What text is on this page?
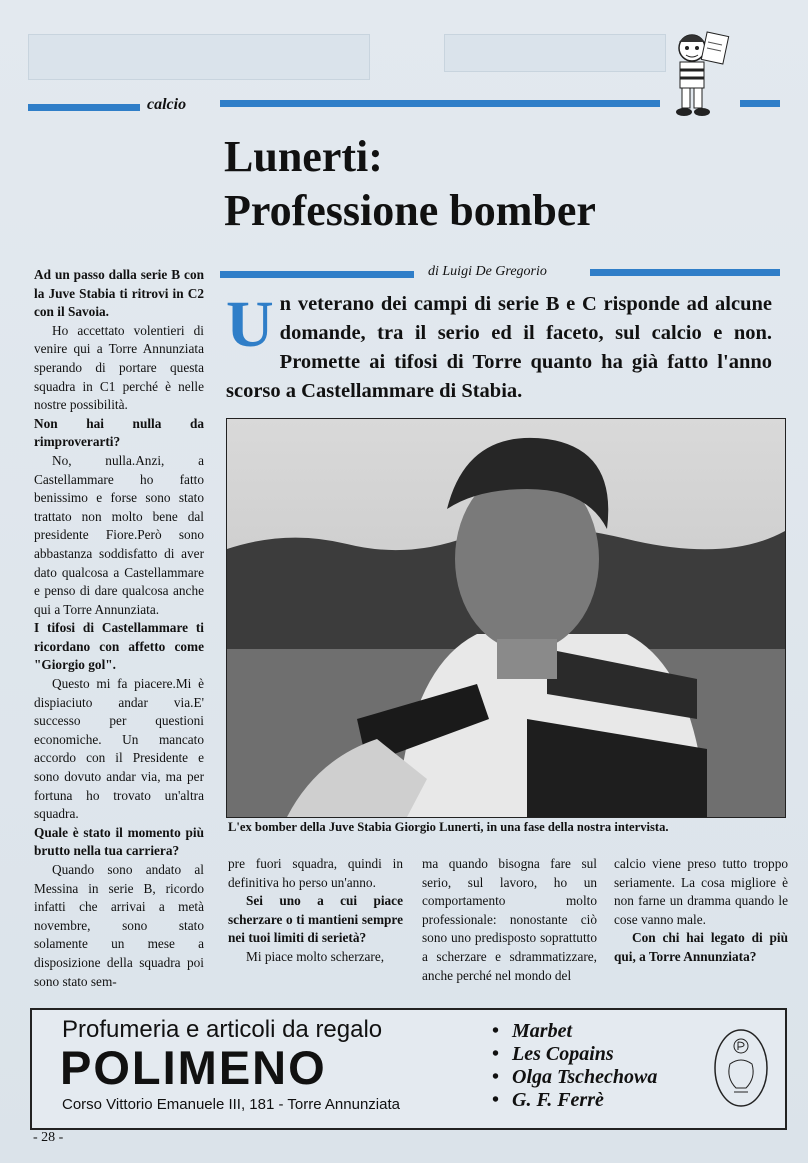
calcio
Lunerti:
Professione bomber
di Luigi De Gregorio
Un veterano dei campi di serie B e C risponde ad alcune domande, tra il serio ed il faceto, sul calcio e non. Promette ai tifosi di Torre quanto ha già fatto l'anno scorso a Castellammare di Stabia.
L'ex bomber della Juve Stabia Giorgio Lunerti, in una fase della nostra intervista.

Ad un passo dalla serie B con la Juve Stabia ti ritrovi in C2 con il Savoia.

Ho accettato volentieri di venire qui a Torre Annunziata sperando di portare questa squadra in C1 perché è nelle nostre possibilità.

Non hai nulla da rimproverarti?

No, nulla.Anzi, a Castellammare ho fatto benissimo e forse sono stato trattato non molto bene dal presidente Fiore.Però sono abbastanza soddisfatto di aver dato qualcosa a Castellammare e penso di dare qualcosa anche qui a Torre Annunziata.

I tifosi di Castellammare ti ricordano con affetto come "Giorgio gol".

Questo mi fa piacere.Mi è dispiaciuto andar via.E' successo per questioni economiche. Un mancato accordo con il Presidente e sono dovuto andar via, ma per fortuna ho trovato un'altra squadra.

Quale è stato il momento più brutto nella tua carriera?

Quando sono andato al Messina in serie B, ricordo infatti che arrivai a metà novembre, sono stato solamente un mese a disposizione della squadra poi sono stato sem-

pre fuori squadra, quindi in definitiva ho perso un'anno.

Sei uno a cui piace scherzare o ti mantieni sempre nei tuoi limiti di serietà?

Mi piace molto scherzare,

ma quando bisogna fare sul serio, sul lavoro, ho un comportamento molto professionale: nonostante ciò sono uno predisposto soprattutto a scherzare e sdrammatizzare, anche perché nel mondo del

calcio viene preso tutto troppo seriamente. La cosa migliore è non farne un dramma quando le cose vanno male.

Con chi hai legato di più qui, a Torre Annunziata?

Profumeria e articoli da regalo
POLIMENO
Corso Vittorio Emanuele III, 181 - Torre Annunziata
• Marbet
• Les Copains
• Olga Tschechowa
• G. F. Ferrè
- 28 -
